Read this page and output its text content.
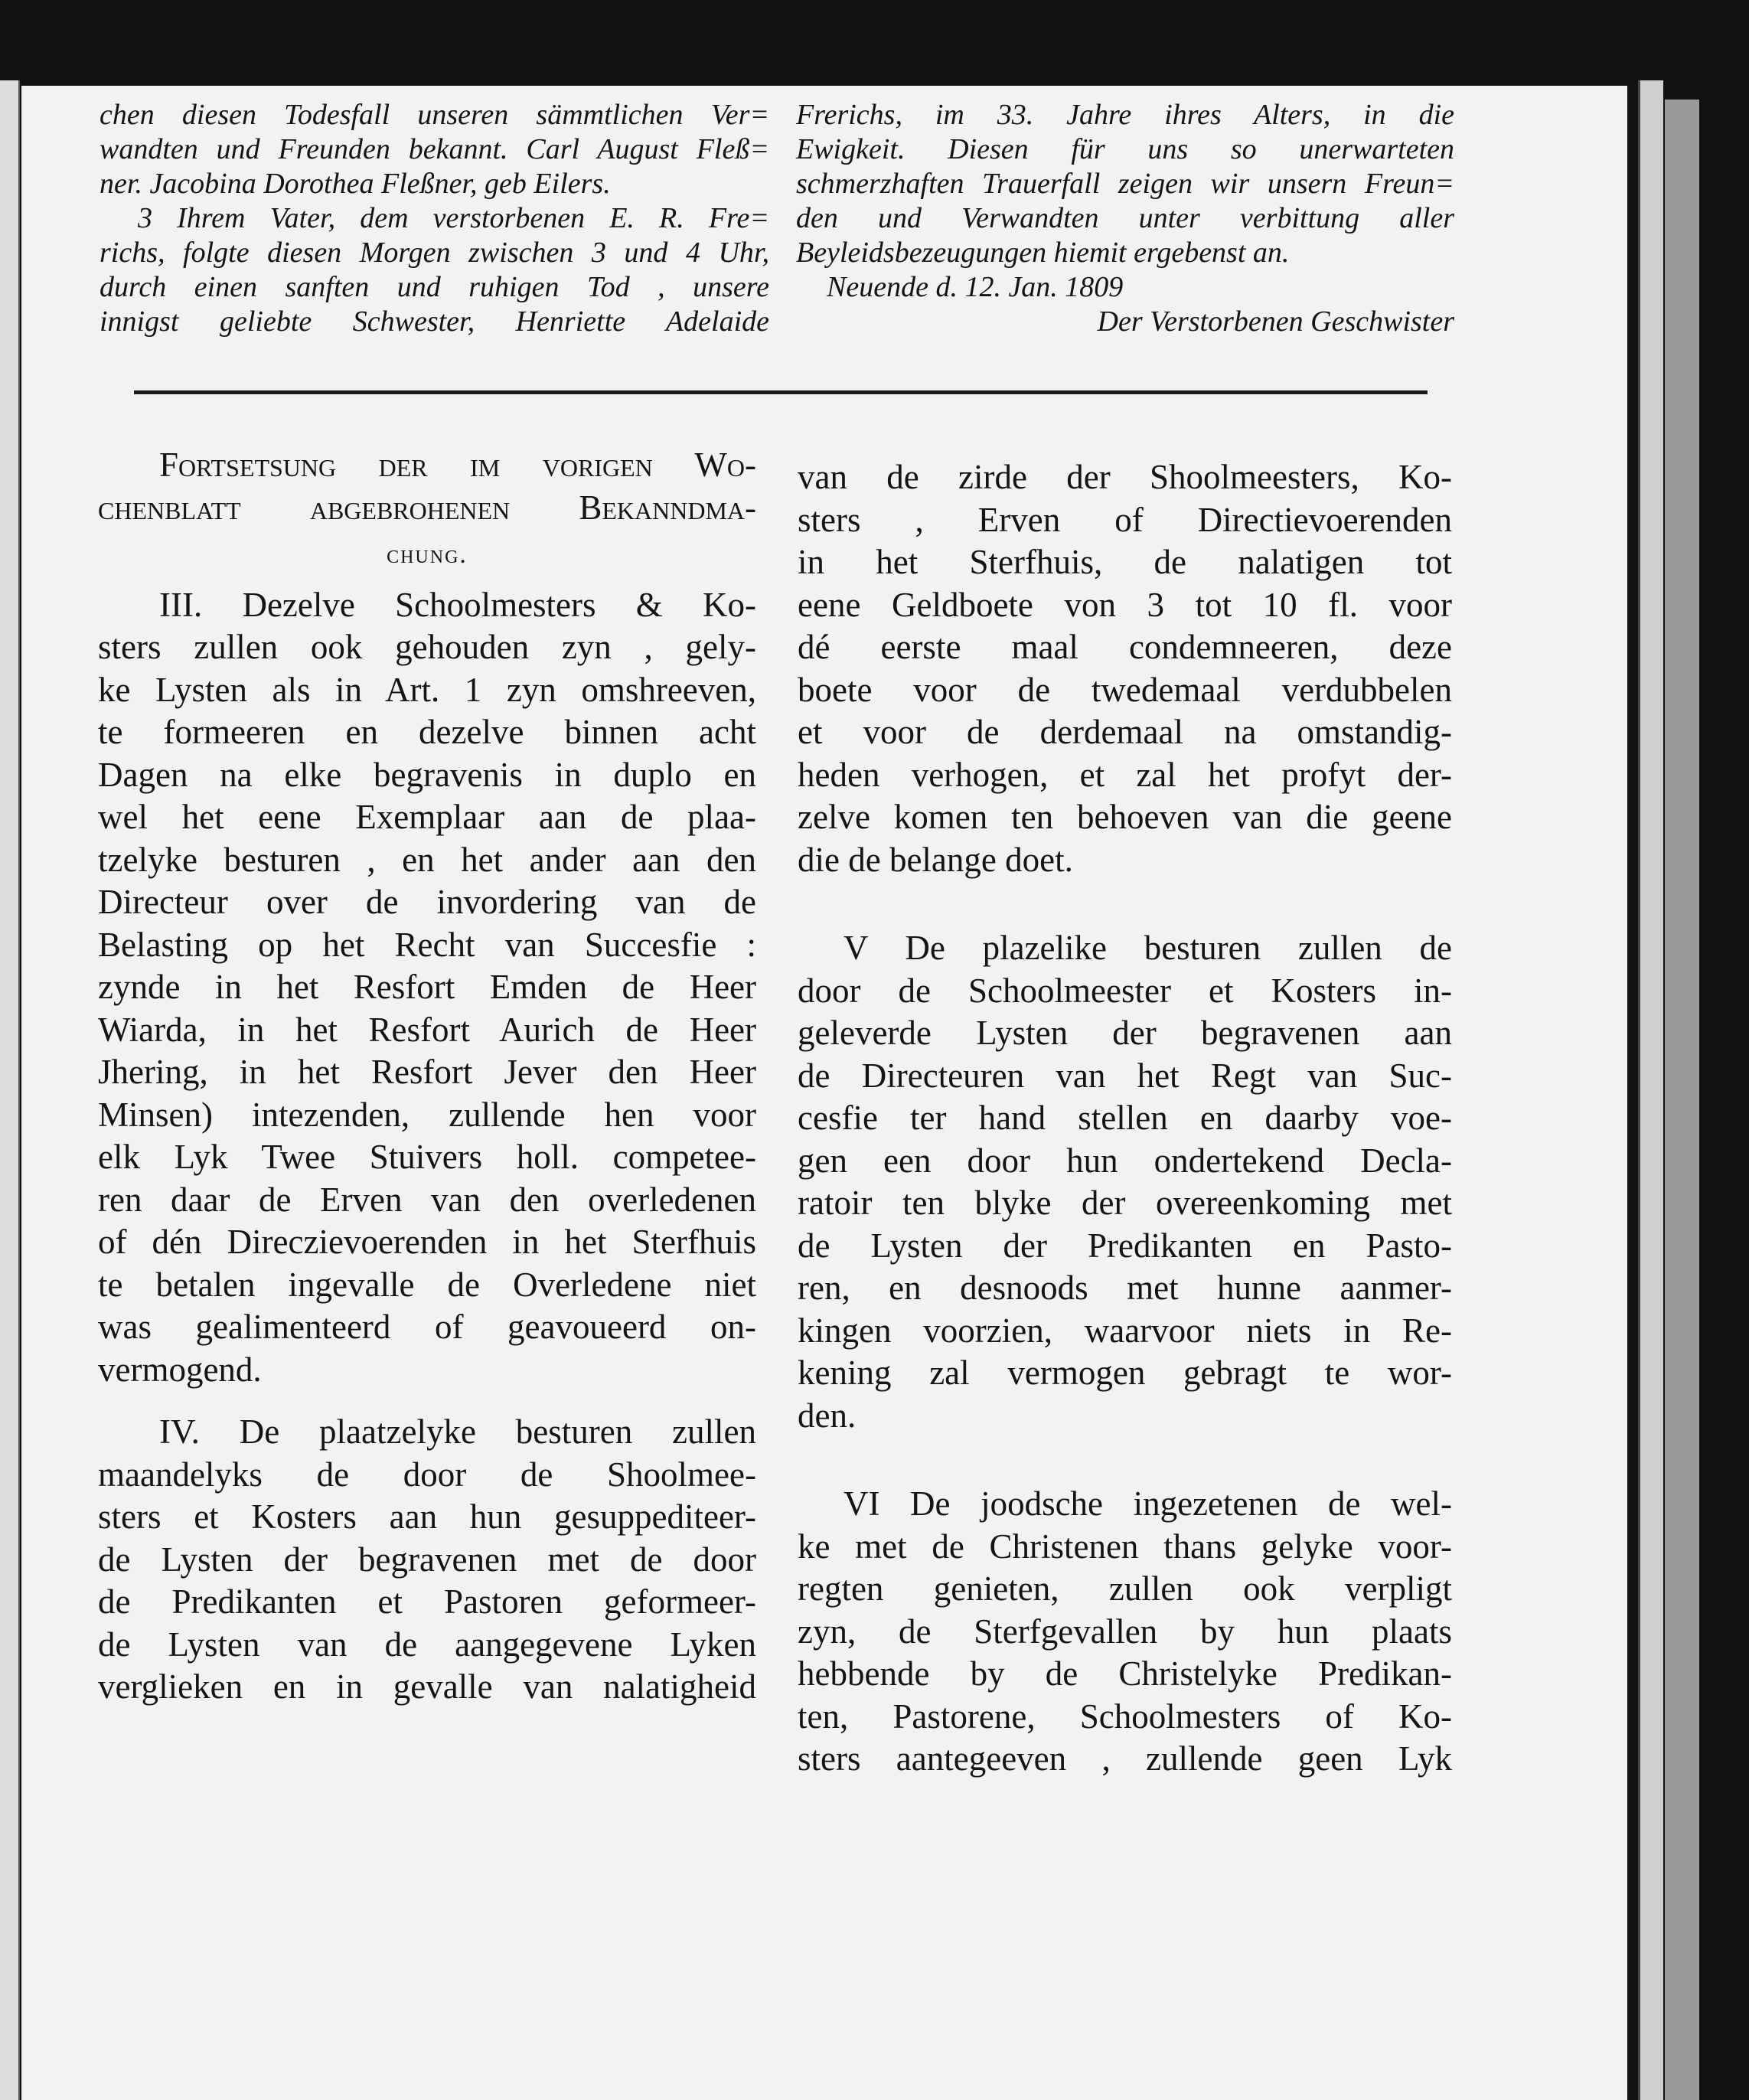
chen diesen Todesfall unseren sämmtlichen Ver=
wandten und Freunden bekannt. Carl August Fleß=
ner. Jacobina Dorothea Fleßner, geb Eilers.
3 Ihrem Vater, dem verstorbenen E. R. Fre=
richs, folgte diesen Morgen zwischen 3 und 4 Uhr,
durch einen sanften und ruhigen Tod , unsere
innigst geliebte Schwester, Henriette Adelaide
Frerichs, im 33. Jahre ihres Alters, in die
Ewigkeit. Diesen für uns so unerwarteten
schmerzhaften Trauerfall zeigen wir unsern Freun=
den und Verwandten unter verbittung aller
Beyleidsbezeugungen hiemit ergebenst an.
Neuende d. 12. Jan. 1809
Der Verstorbenen Geschwister
Fortsetsung der im vorigen Wo-
chenblatt abgebrohenen Bekanndma-
chung.
III. Dezelve Schoolmesters & Ko-
sters zullen ook gehouden zyn , gely-
ke Lysten als in Art. 1 zyn omshreeven,
te formeeren en dezelve binnen acht
Dagen na elke begravenis in duplo en
wel het eene Exemplaar aan de plaa-
tzelyke besturen , en het ander aan den
Directeur over de invordering van de
Belasting op het Recht van Succesfie :
zynde in het Resfort Emden de Heer
Wiarda, in het Resfort Aurich de Heer
Jhering, in het Resfort Jever den Heer
Minsen) intezenden, zullende hen voor
elk Lyk Twee Stuivers holl. competee-
ren daar de Erven van den overledenen
of dén Direczievoerenden in het Sterfhuis
te betalen ingevalle de Overledene niet
was gealimenteerd of geavoueerd on-
vermogend.
IV. De plaatzelyke besturen zullen
maandelyks de door de Shoolmee-
sters et Kosters aan hun gesuppediteer-
de Lysten der begravenen met de door
de Predikanten et Pastoren geformeer-
de Lysten van de aangegevene Lyken
verglieken en in gevalle van nalatigheid
van de zirde der Shoolmeesters, Ko-
sters , Erven of Directievoerenden
in het Sterfhuis, de nalatigen tot
eene Geldboete von 3 tot 10 fl. voor
dé eerste maal condemneeren, deze
boete voor de twedemaal verdubbelen
et voor de derdemaal na omstandig-
heden verhogen, et zal het profyt der-
zelve komen ten behoeven van die geene
die de belange doet.
V De plazelike besturen zullen de
door de Schoolmeester et Kosters in-
geleverde Lysten der begravenen aan
de Directeuren van het Regt van Suc-
cesfie ter hand stellen en daarby voe-
gen een door hun ondertekend Decla-
ratoir ten blyke der overeenkoming met
de Lysten der Predikanten en Pasto-
ren, en desnoods met hunne aanmer-
kingen voorzien, waarvoor niets in Re-
kening zal vermogen gebragt te wor-
den.
VI De joodsche ingezetenen de wel-
ke met de Christenen thans gelyke voor-
regten genieten, zullen ook verpligt
zyn, de Sterfgevallen by hun plaats
hebbende by de Christelyke Predikan-
ten, Pastorene, Schoolmesters of Ko-
sters aantegeeven , zullende geen Lyk
